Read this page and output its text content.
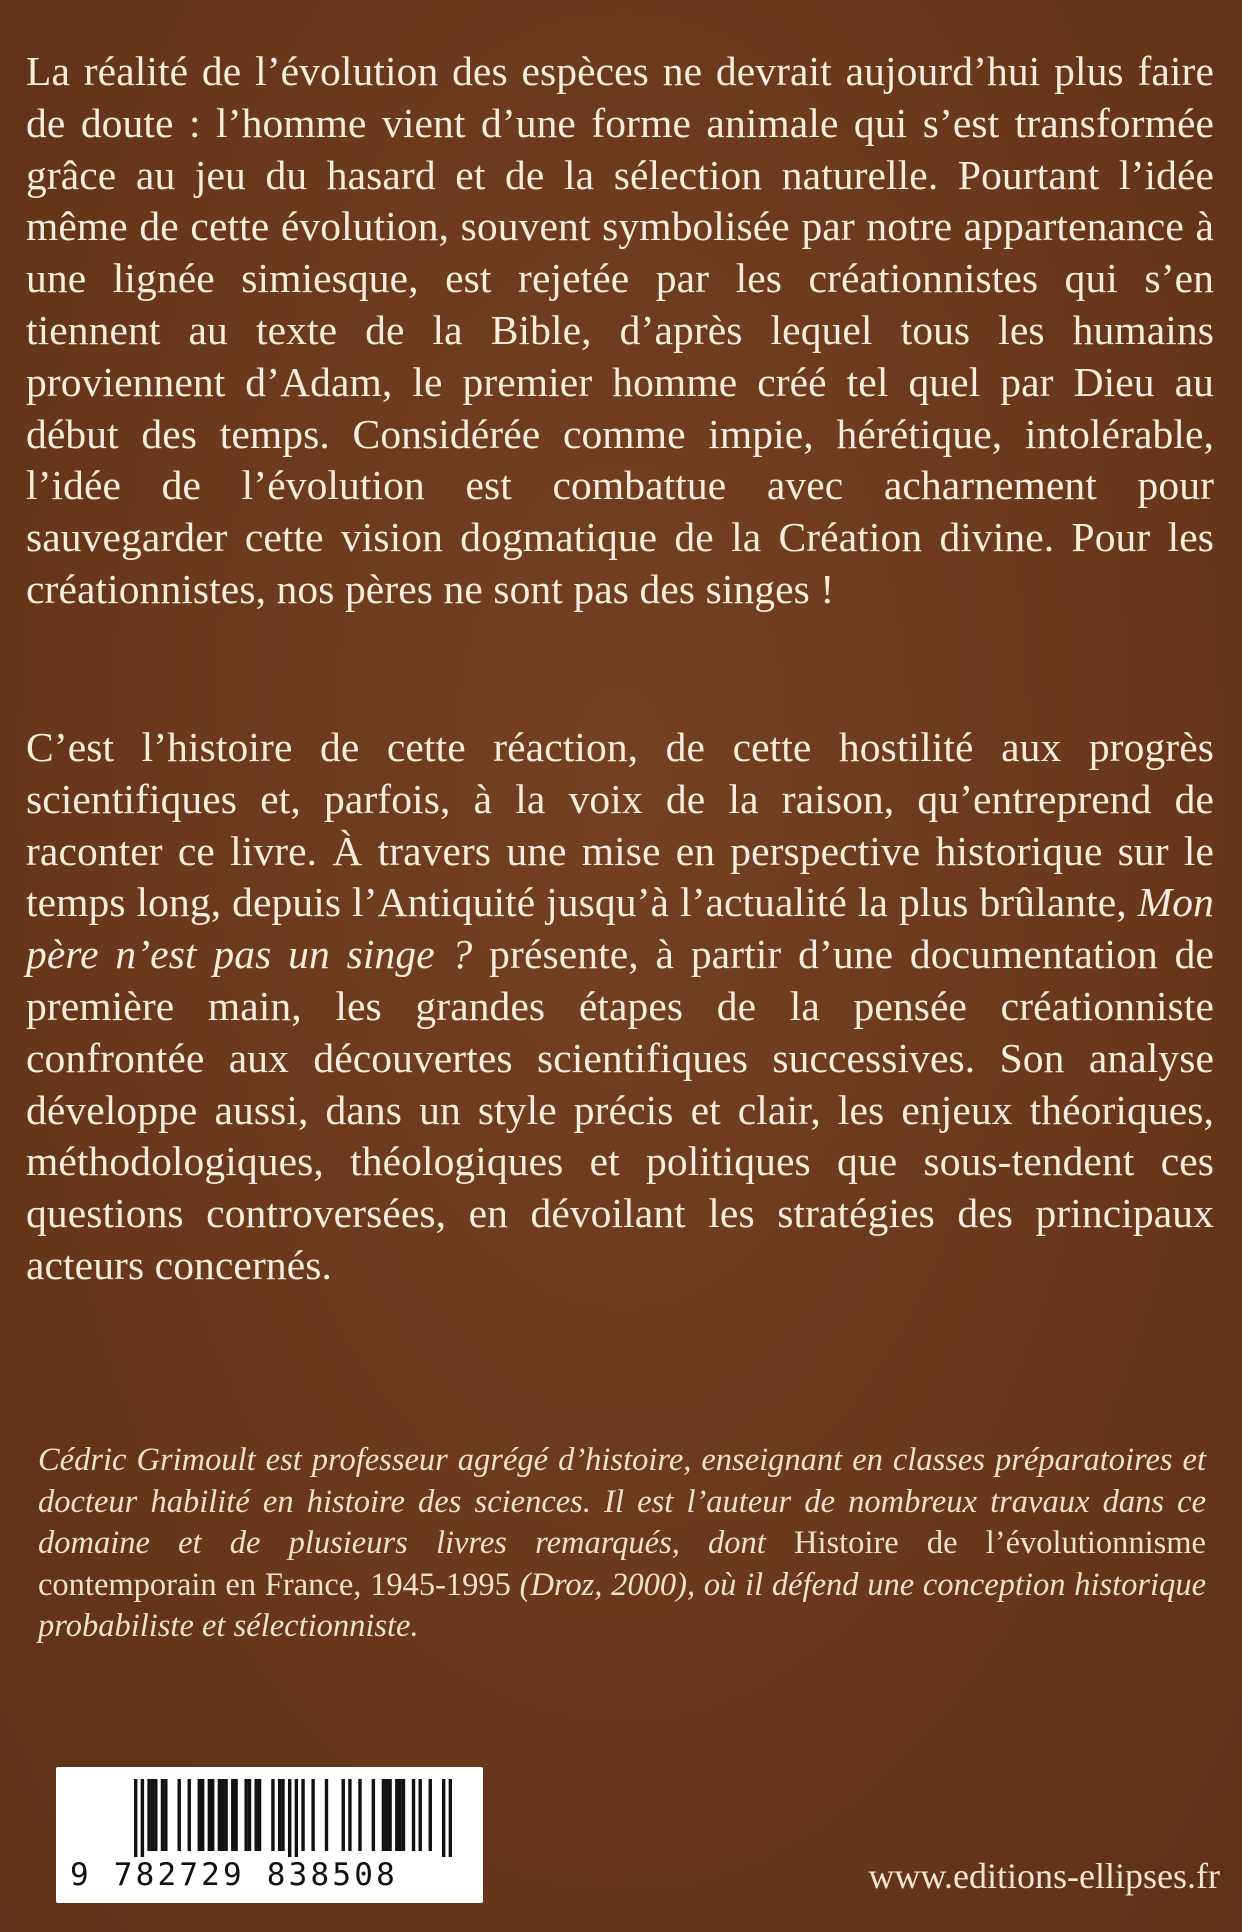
La réalité de l’évolution des espèces ne devrait aujourd’hui plus faire de doute : l’homme vient d’une forme animale qui s’est transformée grâce au jeu du hasard et de la sélection naturelle. Pourtant l’idée même de cette évolution, souvent symbolisée par notre appartenance à une lignée simiesque, est rejetée par les créationnistes qui s’en tiennent au texte de la Bible, d’après lequel tous les humains proviennent d’Adam, le premier homme créé tel quel par Dieu au début des temps. Considérée comme impie, hérétique, intolérable, l’idée de l’évolution est combattue avec acharnement pour sauvegarder cette vision dogmatique de la Création divine. Pour les créationnistes, nos pères ne sont pas des singes !

C’est l’histoire de cette réaction, de cette hostilité aux progrès scientifiques et, parfois, à la voix de la raison, qu’entreprend de raconter ce livre. À travers une mise en perspective historique sur le temps long, depuis l’Antiquité jusqu’à l’actualité la plus brûlante, Mon père n’est pas un singe ? présente, à partir d’une documentation de première main, les grandes étapes de la pensée créationniste confrontée aux découvertes scientifiques successives. Son analyse développe aussi, dans un style précis et clair, les enjeux théoriques, méthodologiques, théologiques et politiques que sous-tendent ces questions controversées, en dévoilant les stratégies des principaux acteurs concernés.

Cédric Grimoult est professeur agrégé d’histoire, enseignant en classes préparatoires et docteur habilité en histoire des sciences. Il est l’auteur de nombreux travaux dans ce domaine et de plusieurs livres remarqués, dont Histoire de l’évolutionnisme contemporain en France, 1945-1995 (Droz, 2000), où il défend une conception historique probabiliste et sélectionniste.

9 782729 838508	www.editions-ellipses.fr
